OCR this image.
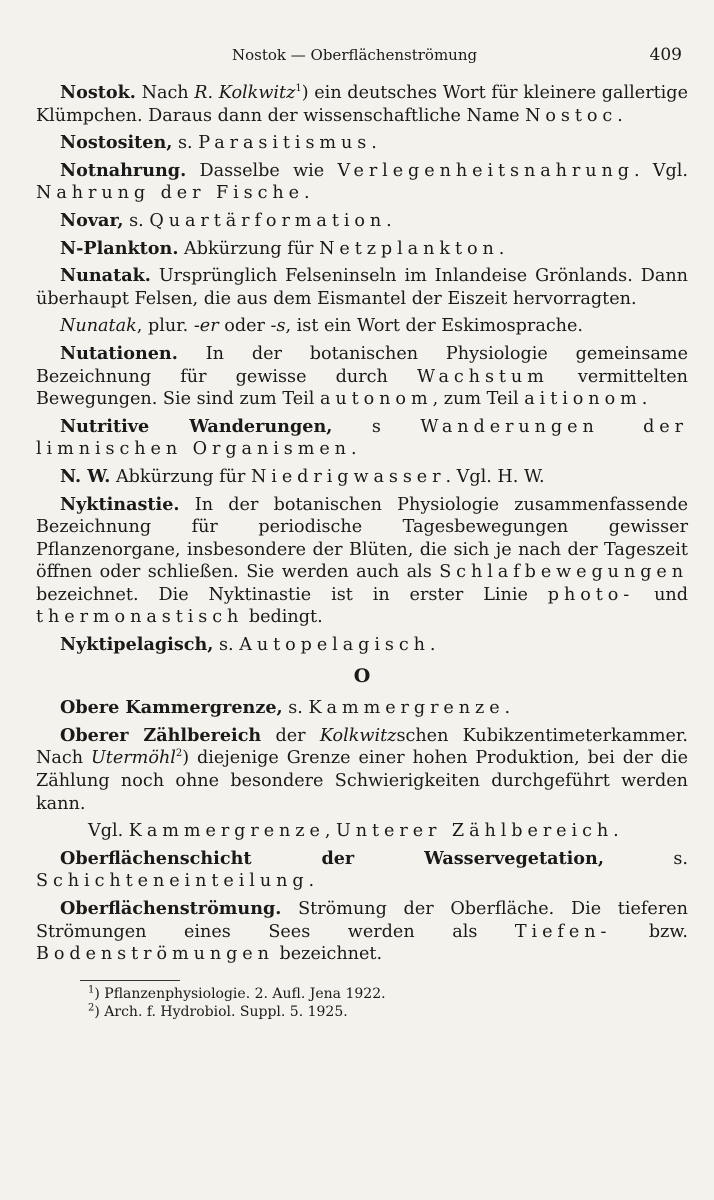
Nostok — Oberflächenströmung	409

Nostok. Nach R. Kolkwitz$^1$) ein deutsches Wort für kleinere gallertige Klümpchen. Daraus dann der wissenschaftliche Name Nostoc.

Nostositen, s. Parasitismus.

Notnahrung. Dasselbe wie Verlegenheitsnahrung. Vgl. Nahrung der Fische.

Novar, s. Quartärformation.

N-Plankton. Abkürzung für Netzplankton.

Nunatak. Ursprünglich Felseninseln im Inlandeise Grönlands. Dann überhaupt Felsen, die aus dem Eismantel der Eiszeit hervorragten.

Nunatak, plur. -er oder -s, ist ein Wort der Eskimosprache.

Nutationen. In der botanischen Physiologie gemeinsame Bezeichnung für gewisse durch Wachstum vermittelten Bewegungen. Sie sind zum Teil autonom, zum Teil aitionom.

Nutritive Wanderungen, s Wanderungen der limnischen Organismen.

N. W. Abkürzung für Niedrigwasser. Vgl. H. W.

Nyktinastie. In der botanischen Physiologie zusammenfassende Bezeichnung für periodische Tagesbewegungen gewisser Pflanzenorgane, insbesondere der Blüten, die sich je nach der Tageszeit öffnen oder schließen. Sie werden auch als Schlafbewegungen bezeichnet. Die Nyktinastie ist in erster Linie photo- und thermonastisch bedingt.

Nyktipelagisch, s. Autopelagisch.

O

Obere Kammergrenze, s. Kammergrenze.

Oberer Zählbereich der Kolkwitzschen Kubikzentimeterkammer. Nach Utermöhl$^2$) diejenige Grenze einer hohen Produktion, bei der die Zählung noch ohne besondere Schwierigkeiten durchgeführt werden kann.

Vgl. Kammergrenze, Unterer Zählbereich.

Oberflächenschicht der Wasservegetation, s. Schichteneinteilung.

Oberflächenströmung. Strömung der Oberfläche. Die tieferen Strömungen eines Sees werden als Tiefen- bzw. Bodenströmungen bezeichnet.

$^1$) Pflanzenphysiologie. 2. Aufl. Jena 1922.
$^2$) Arch. f. Hydrobiol. Suppl. 5. 1925.
